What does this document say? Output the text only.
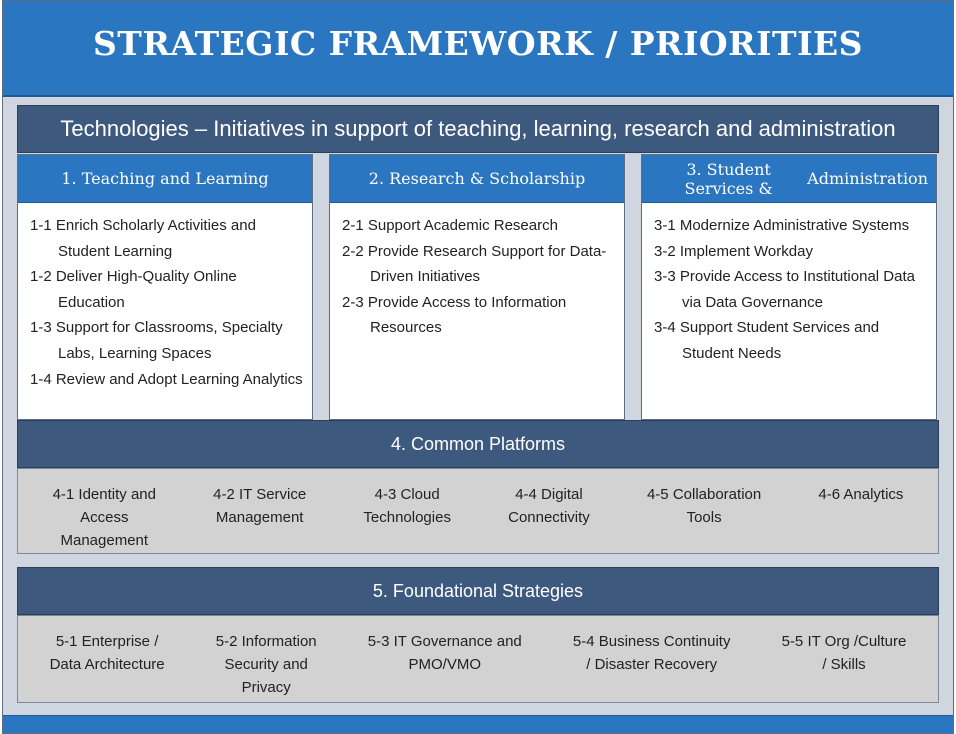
STRATEGIC FRAMEWORK / PRIORITIES
Technologies – Initiatives in support of teaching, learning, research and administration
1. Teaching and Learning
1-1 Enrich Scholarly Activities and Student Learning
1-2 Deliver High-Quality Online Education
1-3 Support for Classrooms, Specialty Labs, Learning Spaces
1-4 Review and Adopt Learning Analytics
2. Research & Scholarship
2-1 Support Academic Research
2-2 Provide Research Support for Data-Driven Initiatives
2-3 Provide Access to Information Resources
3. Student Services &	Administration
3-1 Modernize Administrative Systems
3-2 Implement Workday
3-3 Provide Access to Institutional Data via Data Governance
3-4 Support Student Services and Student Needs
4. Common Platforms
4-1 Identity and
Access
Management
4-2 IT Service
Management
4-3 Cloud
Technologies
4-4 Digital
Connectivity
4-5 Collaboration
Tools
4-6 Analytics
5. Foundational Strategies
5-1 Enterprise /
Data Architecture
5-2 Information
Security and
Privacy
5-3 IT Governance and
PMO/VMO
5-4 Business Continuity
/ Disaster Recovery
5-5 IT Org /Culture
/ Skills
